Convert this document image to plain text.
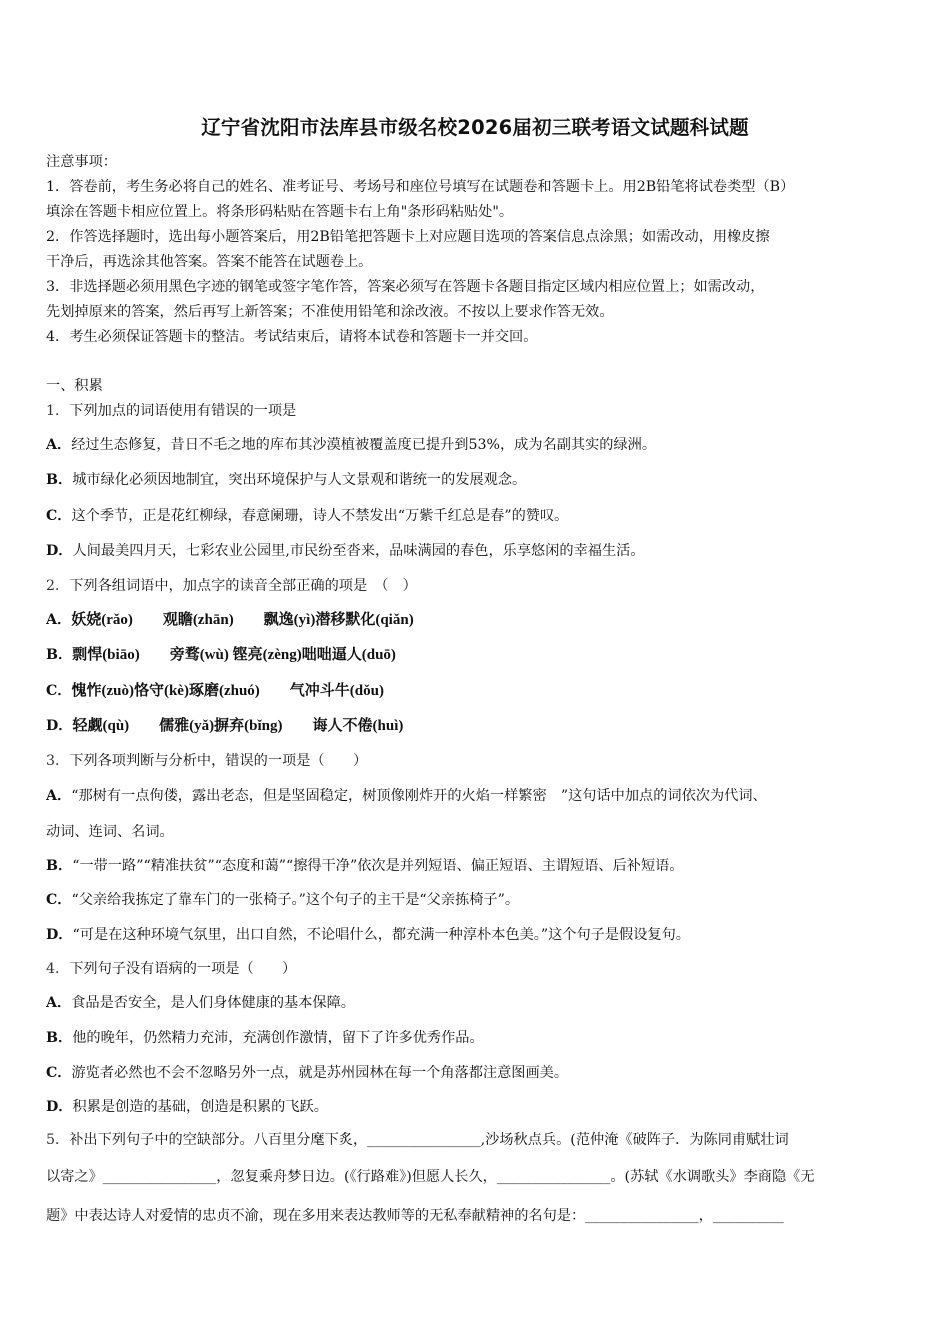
辽宁省沈阳市法库县市级名校2026届初三联考语文试题科试题
注意事项：
1．答卷前，考生务必将自己的姓名、准考证号、考场号和座位号填写在试题卷和答题卡上。用2B铅笔将试卷类型（B）
填涂在答题卡相应位置上。将条形码粘贴在答题卡右上角"条形码粘贴处"。
2．作答选择题时，选出每小题答案后，用2B铅笔把答题卡上对应题目选项的答案信息点涂黑；如需改动，用橡皮擦
干净后，再选涂其他答案。答案不能答在试题卷上。
3．非选择题必须用黑色字迹的钢笔或签字笔作答，答案必须写在答题卡各题目指定区域内相应位置上；如需改动，
先划掉原来的答案，然后再写上新答案；不准使用铅笔和涂改液。不按以上要求作答无效。
4．考生必须保证答题卡的整洁。考试结束后，请将本试卷和答题卡一并交回。
一、积累
1．下列加点的词语使用有错误的一项是
A．经过生态修复，昔日不毛之地的库布其沙漠植被覆盖度已提升到53%，成为名副其实的绿洲。
B．城市绿化必须因地制宜，突出环境保护与人文景观和谐统一的发展观念。
C．这个季节，正是花红柳绿，春意阑珊，诗人不禁发出“万紫千红总是春”的赞叹。
D．人间最美四月天，七彩农业公园里,市民纷至沓来，品味满园的春色，乐享悠闲的幸福生活。
2．下列各组词语中，加点字的读音全部正确的项是　（　）
A．妖娆(rǎo)　　观瞻(zhān)　　飘逸(yì)潜移默化(qiǎn)
B．剽悍(biāo)　　旁骛(wù) 铿亮(zèng)咄咄逼人(duō)
C．愧怍(zuò)恪守(kè)琢磨(zhuó)　　气冲斗牛(dǒu)
D．轻觑(qù)　　儒雅(yǎ)摒弃(bǐng)　　诲人不倦(huì)
3．下列各项判断与分析中，错误的一项是（　　）
A．“那树有一点佝偻，露出老态，但是坚固稳定，树顶像刚炸开的火焰一样繁密　”这句话中加点的词依次为代词、
动词、连词、名词。
B．“一带一路”“精准扶贫”“态度和蔼”“擦得干净”依次是并列短语、偏正短语、主谓短语、后补短语。
C．“父亲给我拣定了靠车门的一张椅子。”这个句子的主干是“父亲拣椅子”。
D．“可是在这种环境气氛里，出口自然，不论唱什么，都充满一种淳朴本色美。”这个句子是假设复句。
4．下列句子没有语病的一项是（　　）
A．食品是否安全，是人们身体健康的基本保障。
B．他的晚年，仍然精力充沛，充满创作激情，留下了许多优秀作品。
C．游览者必然也不会不忽略另外一点，就是苏州园林在每一个角落都注意图画美。
D．积累是创造的基础，创造是积累的飞跃。
5．补出下列句子中的空缺部分。八百里分麾下炙，________________,沙场秋点兵。(范仲淹《破阵子．为陈同甫赋壮词
以寄之》________________，忽复乘舟梦日边。(《行路难》)但愿人长久，________________。(苏轼《水调歌头》李商隐《无
题》中表达诗人对爱情的忠贞不渝，现在多用来表达教师等的无私奉献精神的名句是：________________，__________
